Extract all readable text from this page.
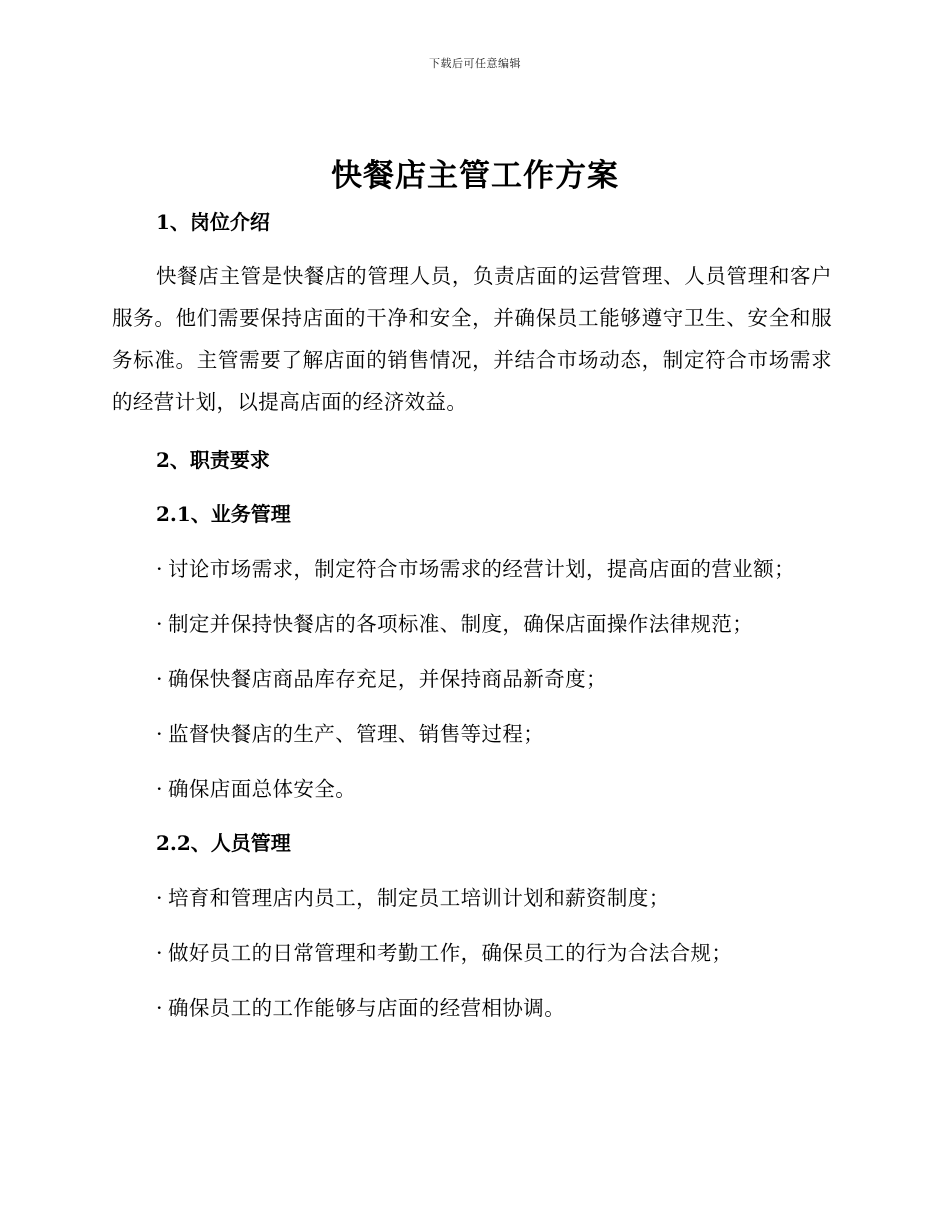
下载后可任意编辑
快餐店主管工作方案
1、岗位介绍

快餐店主管是快餐店的管理人员，负责店面的运营管理、人员管理和客户服务。他们需要保持店面的干净和安全，并确保员工能够遵守卫生、安全和服务标准。主管需要了解店面的销售情况，并结合市场动态，制定符合市场需求的经营计划，以提高店面的经济效益。

2、职责要求
2.1、业务管理

· 讨论市场需求，制定符合市场需求的经营计划，提高店面的营业额；

· 制定并保持快餐店的各项标准、制度，确保店面操作法律规范；

· 确保快餐店商品库存充足，并保持商品新奇度；

· 监督快餐店的生产、管理、销售等过程；

· 确保店面总体安全。

2.2、人员管理

· 培育和管理店内员工，制定员工培训计划和薪资制度；

· 做好员工的日常管理和考勤工作，确保员工的行为合法合规；

· 确保员工的工作能够与店面的经营相协调。
